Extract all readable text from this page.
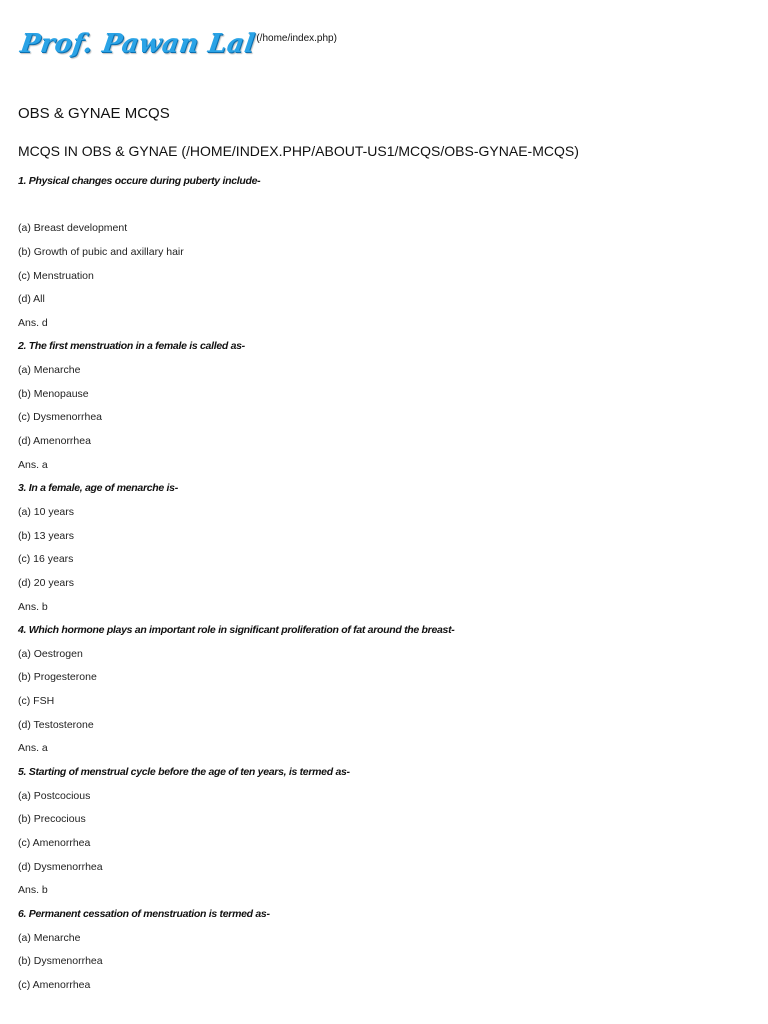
Prof. Pawan Lal (/home/index.php)
OBS & GYNAE MCQS
MCQS IN OBS & GYNAE (/HOME/INDEX.PHP/ABOUT-US1/MCQS/OBS-GYNAE-MCQS)
1. Physical changes occure during puberty include-
(a) Breast development
(b) Growth of pubic and axillary hair
(c) Menstruation
(d) All
Ans. d
2. The first menstruation in a female is called as-
(a) Menarche
(b) Menopause
(c) Dysmenorrhea
(d) Amenorrhea
Ans. a
3. In a female, age of menarche is-
(a) 10 years
(b) 13 years
(c) 16 years
(d) 20 years
Ans. b
4. Which hormone plays an important role in significant proliferation of fat around the breast-
(a) Oestrogen
(b) Progesterone
(c) FSH
(d) Testosterone
Ans. a
5. Starting of menstrual cycle before the age of ten years, is termed as-
(a) Postcocious
(b) Precocious
(c) Amenorrhea
(d) Dysmenorrhea
Ans. b
6. Permanent cessation of menstruation is termed as-
(a) Menarche
(b) Dysmenorrhea
(c) Amenorrhea
